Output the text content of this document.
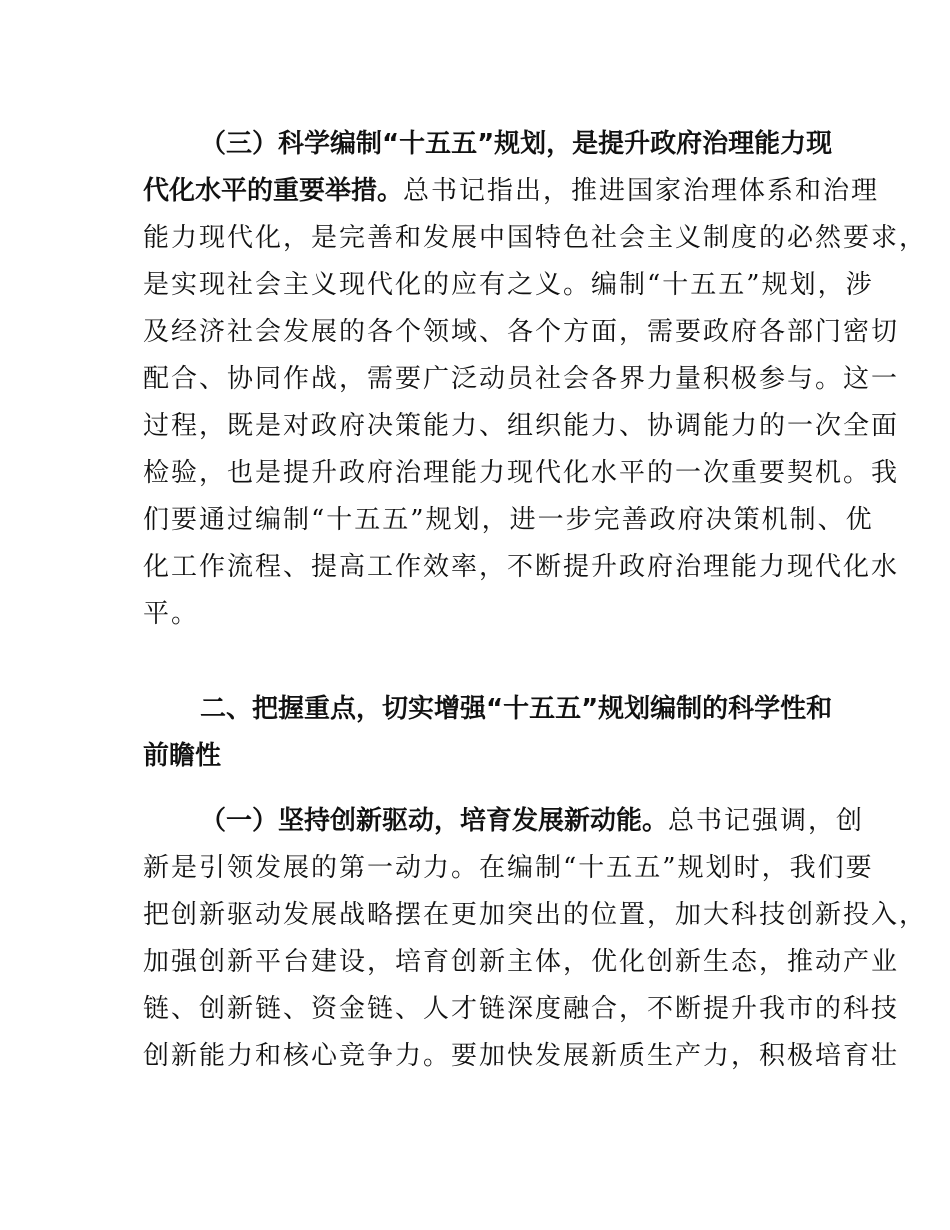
（三）科学编制“十五五”规划，是提升政府治理能力现
代化水平的重要举措。总书记指出，推进国家治理体系和治理
能力现代化，是完善和发展中国特色社会主义制度的必然要求，
是实现社会主义现代化的应有之义。编制“十五五”规划，涉
及经济社会发展的各个领域、各个方面，需要政府各部门密切
配合、协同作战，需要广泛动员社会各界力量积极参与。这一
过程，既是对政府决策能力、组织能力、协调能力的一次全面
检验，也是提升政府治理能力现代化水平的一次重要契机。我
们要通过编制“十五五”规划，进一步完善政府决策机制、优
化工作流程、提高工作效率，不断提升政府治理能力现代化水
平。
二、把握重点，切实增强“十五五”规划编制的科学性和
前瞻性
（一）坚持创新驱动，培育发展新动能。总书记强调，创
新是引领发展的第一动力。在编制“十五五”规划时，我们要
把创新驱动发展战略摆在更加突出的位置，加大科技创新投入，
加强创新平台建设，培育创新主体，优化创新生态，推动产业
链、创新链、资金链、人才链深度融合，不断提升我市的科技
创新能力和核心竞争力。要加快发展新质生产力，积极培育壮
